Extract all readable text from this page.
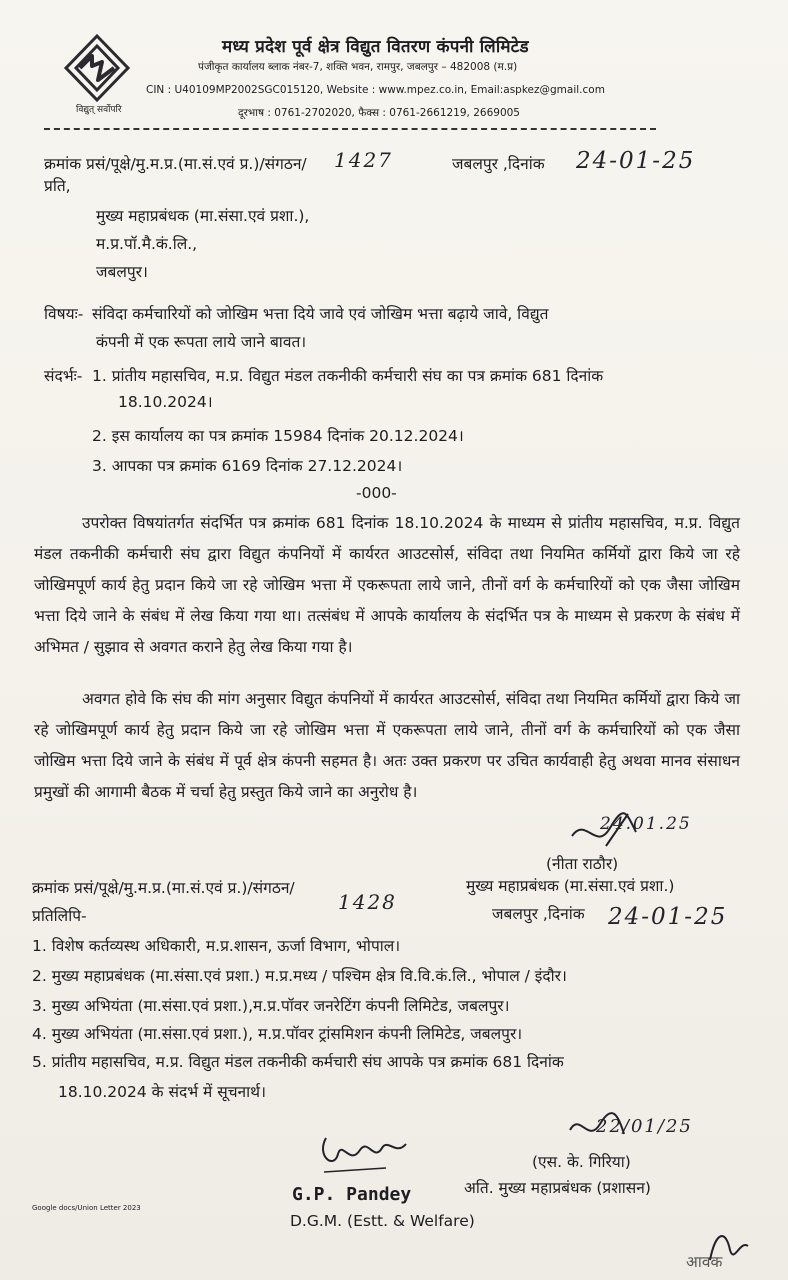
विद्युत् सर्वोपरि
मध्य प्रदेश पूर्व क्षेत्र विद्युत वितरण कंपनी लिमिटेड
पंजीकृत कार्यालय ब्लाक नंबर-7, शक्ति भवन, रामपुर, जबलपुर – 482008 (म.प्र)
CIN : U40109MP2002SGC015120, Website : www.mpez.co.in, Email:aspkez@gmail.com
दूरभाष : 0761-2702020, फैक्स : 0761-2661219, 2669005
क्रमांक प्रसं/पूक्षे/मु.म.प्र.(मा.सं.एवं प्र.)/संगठन/ 1427	जबलपुर ,दिनांक 24-01-25
प्रति,
मुख्य महाप्रबंधक (मा.संसा.एवं प्रशा.),
म.प्र.पॉ.मै.कं.लि.,
जबलपुर।
विषयः- संविदा कर्मचारियों को जोखिम भत्ता दिये जावे एवं जोखिम भत्ता बढ़ाये जावे, विद्युत
कंपनी में एक रूपता लाये जाने बावत।
संदर्भः- 1. प्रांतीय महासचिव, म.प्र. विद्युत मंडल तकनीकी कर्मचारी संघ का पत्र क्रमांक 681 दिनांक
18.10.2024।
2. इस कार्यालय का पत्र क्रमांक 15984 दिनांक 20.12.2024।
3. आपका पत्र क्रमांक 6169 दिनांक 27.12.2024।
-000-

उपरोक्त विषयांतर्गत संदर्भित पत्र क्रमांक 681 दिनांक 18.10.2024 के माध्यम से प्रांतीय महासचिव, म.प्र. विद्युत मंडल तकनीकी कर्मचारी संघ द्वारा विद्युत कंपनियों में कार्यरत आउटसोर्स, संविदा तथा नियमित कर्मियों द्वारा किये जा रहे जोखिमपूर्ण कार्य हेतु प्रदान किये जा रहे जोखिम भत्ता में एकरूपता लाये जाने, तीनों वर्ग के कर्मचारियों को एक जैसा जोखिम भत्ता दिये जाने के संबंध में लेख किया गया था। तत्संबंध में आपके कार्यालय के संदर्भित पत्र के माध्यम से प्रकरण के संबंध में अभिमत / सुझाव से अवगत कराने हेतु लेख किया गया है।

अवगत होवे कि संघ की मांग अनुसार विद्युत कंपनियों में कार्यरत आउटसोर्स, संविदा तथा नियमित कर्मियों द्वारा किये जा रहे जोखिमपूर्ण कार्य हेतु प्रदान किये जा रहे जोखिम भत्ता में एकरूपता लाये जाने, तीनों वर्ग के कर्मचारियों को एक जैसा जोखिम भत्ता दिये जाने के संबंध में पूर्व क्षेत्र कंपनी सहमत है। अतः उक्त प्रकरण पर उचित कार्यवाही हेतु अथवा मानव संसाधन प्रमुखों की आगामी बैठक में चर्चा हेतु प्रस्तुत किये जाने का अनुरोध है।

24.01.25
(नीता राठौर)
मुख्य महाप्रबंधक (मा.संसा.एवं प्रशा.)
क्रमांक प्रसं/पूक्षे/मु.म.प्र.(मा.सं.एवं प्र.)/संगठन/
1428	जबलपुर ,दिनांक 24-01-25
प्रतिलिपि-
1. विशेष कर्तव्यस्थ अधिकारी, म.प्र.शासन, ऊर्जा विभाग, भोपाल।
2. मुख्य महाप्रबंधक (मा.संसा.एवं प्रशा.) म.प्र.मध्य / पश्चिम क्षेत्र वि.वि.कं.लि., भोपाल / इंदौर।
3. मुख्य अभियंता (मा.संसा.एवं प्रशा.),म.प्र.पॉवर जनरेटिंग कंपनी लिमिटेड, जबलपुर।
4. मुख्य अभियंता (मा.संसा.एवं प्रशा.), म.प्र.पॉवर ट्रांसमिशन कंपनी लिमिटेड, जबलपुर।
5. प्रांतीय महासचिव, म.प्र. विद्युत मंडल तकनीकी कर्मचारी संघ आपके पत्र क्रमांक 681 दिनांक
18.10.2024 के संदर्भ में सूचनार्थ।
22/01/25
(एस. के. गिरिया)
अति. मुख्य महाप्रबंधक (प्रशासन)
G.P. Pandey
D.G.M. (Estt. & Welfare)
Google docs/Union Letter 2023
आवक
